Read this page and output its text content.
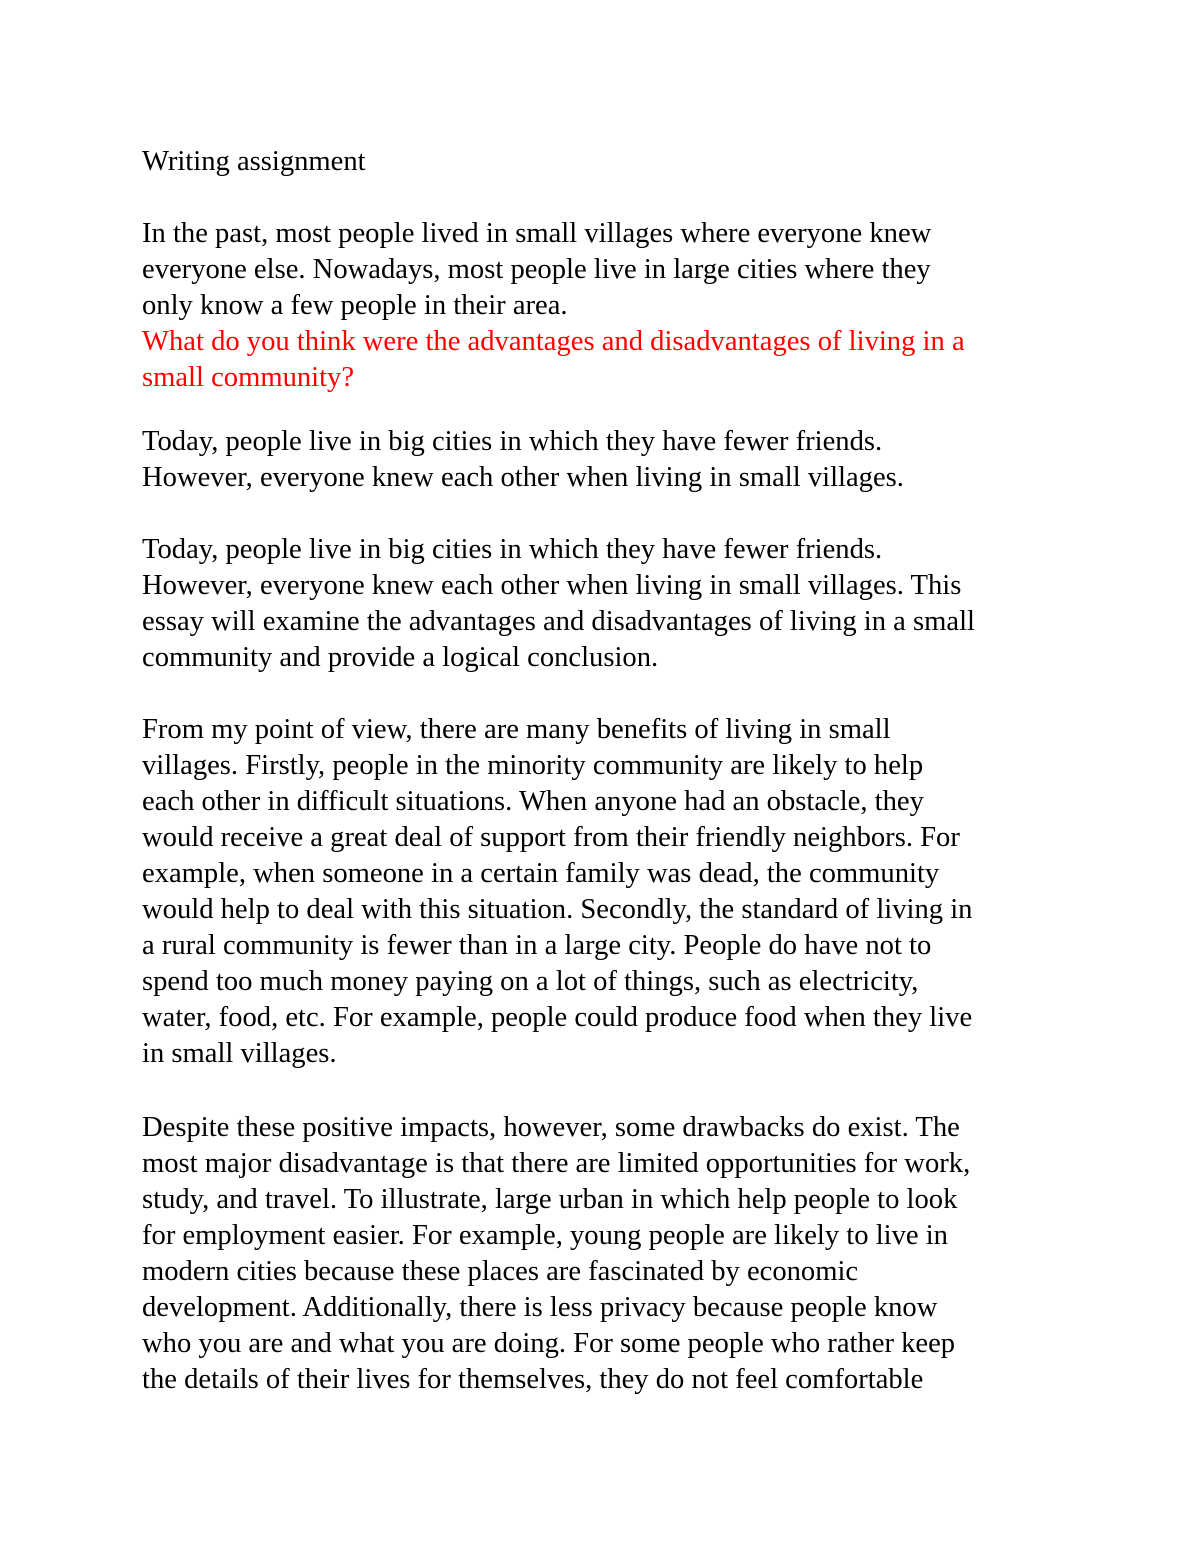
Writing assignment
In the past, most people lived in small villages where everyone knew
everyone else. Nowadays, most people live in large cities where they
only know a few people in their area.
What do you think were the advantages and disadvantages of living in a
small community?
Today, people live in big cities in which they have fewer friends.
However, everyone knew each other when living in small villages.
Today, people live in big cities in which they have fewer friends.
However, everyone knew each other when living in small villages. This
essay will examine the advantages and disadvantages of living in a small
community and provide a logical conclusion.
From my point of view, there are many benefits of living in small
villages. Firstly, people in the minority community are likely to help
each other in difficult situations. When anyone had an obstacle, they
would receive a great deal of support from their friendly neighbors. For
example, when someone in a certain family was dead, the community
would help to deal with this situation. Secondly, the standard of living in
a rural community is fewer than in a large city. People do have not to
spend too much money paying on a lot of things, such as electricity,
water, food, etc. For example, people could produce food when they live
in small villages.
Despite these positive impacts, however, some drawbacks do exist. The
most major disadvantage is that there are limited opportunities for work,
study, and travel. To illustrate, large urban in which help people to look
for employment easier. For example, young people are likely to live in
modern cities because these places are fascinated by economic
development. Additionally, there is less privacy because people know
who you are and what you are doing. For some people who rather keep
the details of their lives for themselves, they do not feel comfortable
